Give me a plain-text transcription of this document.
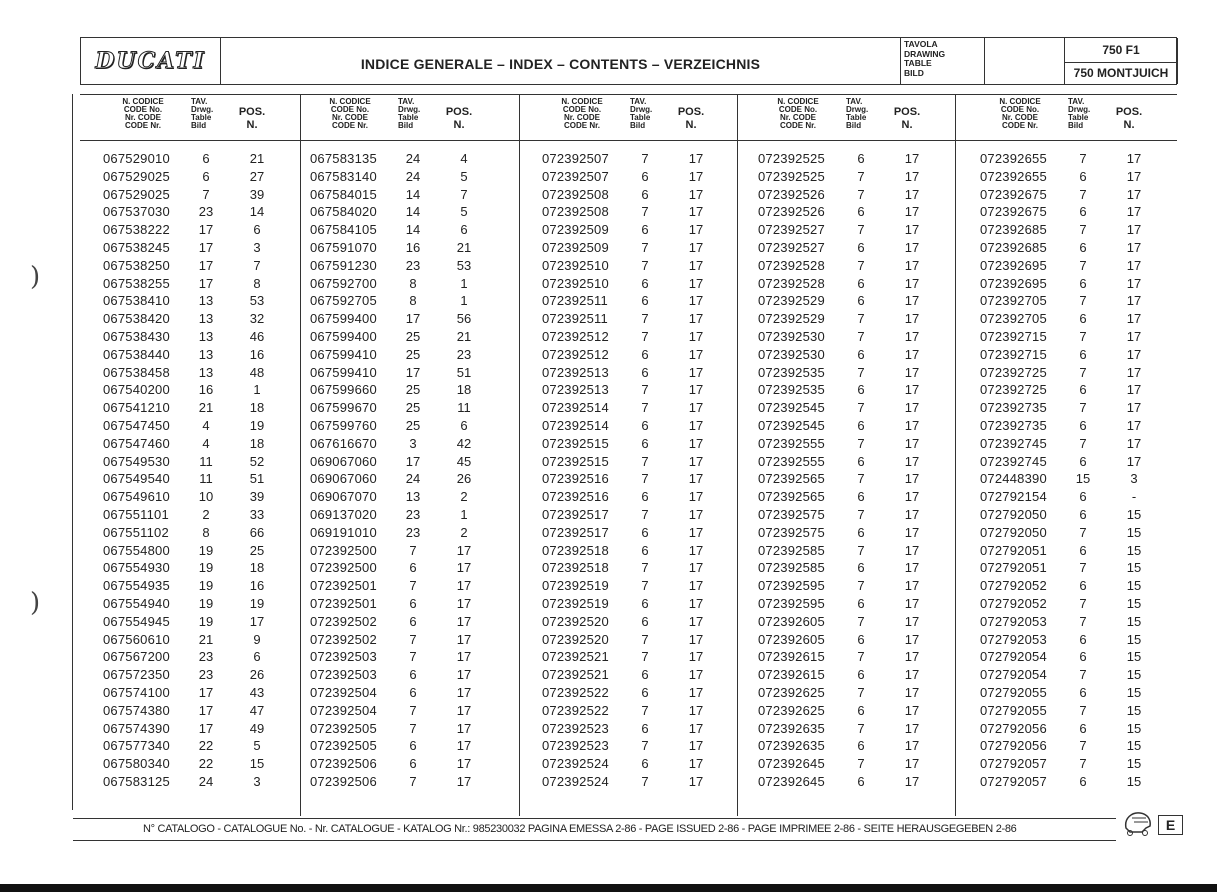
)
)
DUCATI	INDICE GENERALE – INDEX – CONTENTS – VERZEICHNIS
TAVOLA
DRAWING
TABLE
BILD
750 F1
750 MONTJUICH
N. CODICE
CODE No.
Nr. CODE
CODE Nr.
TAV.
Drwg.
Table
Bild
POS.
N.
N. CODICE
CODE No.
Nr. CODE
CODE Nr.
TAV.
Drwg.
Table
Bild
POS.
N.
N. CODICE
CODE No.
Nr. CODE
CODE Nr.
TAV.
Drwg.
Table
Bild
POS.
N.
N. CODICE
CODE No.
Nr. CODE
CODE Nr.
TAV.
Drwg.
Table
Bild
POS.
N.
N. CODICE
CODE No.
Nr. CODE
CODE Nr.
TAV.
Drwg.
Table
Bild
POS.
N.
067529010	6	21
067529025	6	27
067529025	7	39
067537030	23	14
067538222	17	6
067538245	17	3
067538250	17	7
067538255	17	8
067538410	13	53
067538420	13	32
067538430	13	46
067538440	13	16
067538458	13	48
067540200	16	1
067541210	21	18
067547450	4	19
067547460	4	18
067549530	11	52
067549540	11	51
067549610	10	39
067551101	2	33
067551102	8	66
067554800	19	25
067554930	19	18
067554935	19	16
067554940	19	19
067554945	19	17
067560610	21	9
067567200	23	6
067572350	23	26
067574100	17	43
067574380	17	47
067574390	17	49
067577340	22	5
067580340	22	15
067583125	24	3
067583135	24	4
067583140	24	5
067584015	14	7
067584020	14	5
067584105	14	6
067591070	16	21
067591230	23	53
067592700	8	1
067592705	8	1
067599400	17	56
067599400	25	21
067599410	25	23
067599410	17	51
067599660	25	18
067599670	25	11
067599760	25	6
067616670	3	42
069067060	17	45
069067060	24	26
069067070	13	2
069137020	23	1
069191010	23	2
072392500	7	17
072392500	6	17
072392501	7	17
072392501	6	17
072392502	6	17
072392502	7	17
072392503	7	17
072392503	6	17
072392504	6	17
072392504	7	17
072392505	7	17
072392505	6	17
072392506	6	17
072392506	7	17
072392507	7	17
072392507	6	17
072392508	6	17
072392508	7	17
072392509	6	17
072392509	7	17
072392510	7	17
072392510	6	17
072392511	6	17
072392511	7	17
072392512	7	17
072392512	6	17
072392513	6	17
072392513	7	17
072392514	7	17
072392514	6	17
072392515	6	17
072392515	7	17
072392516	7	17
072392516	6	17
072392517	7	17
072392517	6	17
072392518	6	17
072392518	7	17
072392519	7	17
072392519	6	17
072392520	6	17
072392520	7	17
072392521	7	17
072392521	6	17
072392522	6	17
072392522	7	17
072392523	6	17
072392523	7	17
072392524	6	17
072392524	7	17
072392525	6	17
072392525	7	17
072392526	7	17
072392526	6	17
072392527	7	17
072392527	6	17
072392528	7	17
072392528	6	17
072392529	6	17
072392529	7	17
072392530	7	17
072392530	6	17
072392535	7	17
072392535	6	17
072392545	7	17
072392545	6	17
072392555	7	17
072392555	6	17
072392565	7	17
072392565	6	17
072392575	7	17
072392575	6	17
072392585	7	17
072392585	6	17
072392595	7	17
072392595	6	17
072392605	7	17
072392605	6	17
072392615	7	17
072392615	6	17
072392625	7	17
072392625	6	17
072392635	7	17
072392635	6	17
072392645	7	17
072392645	6	17
072392655	7	17
072392655	6	17
072392675	7	17
072392675	6	17
072392685	7	17
072392685	6	17
072392695	7	17
072392695	6	17
072392705	7	17
072392705	6	17
072392715	7	17
072392715	6	17
072392725	7	17
072392725	6	17
072392735	7	17
072392735	6	17
072392745	7	17
072392745	6	17
072448390	15	3
072792154	6	-
072792050	6	15
072792050	7	15
072792051	6	15
072792051	7	15
072792052	6	15
072792052	7	15
072792053	7	15
072792053	6	15
072792054	6	15
072792054	7	15
072792055	6	15
072792055	7	15
072792056	6	15
072792056	7	15
072792057	7	15
072792057	6	15
N° CATALOGO - CATALOGUE No. - Nr. CATALOGUE - KATALOG Nr.: 985230032 PAGINA EMESSA 2-86 - PAGE ISSUED 2-86 - PAGE IMPRIMEE 2-86 - SEITE HERAUSGEGEBEN 2-86	E
